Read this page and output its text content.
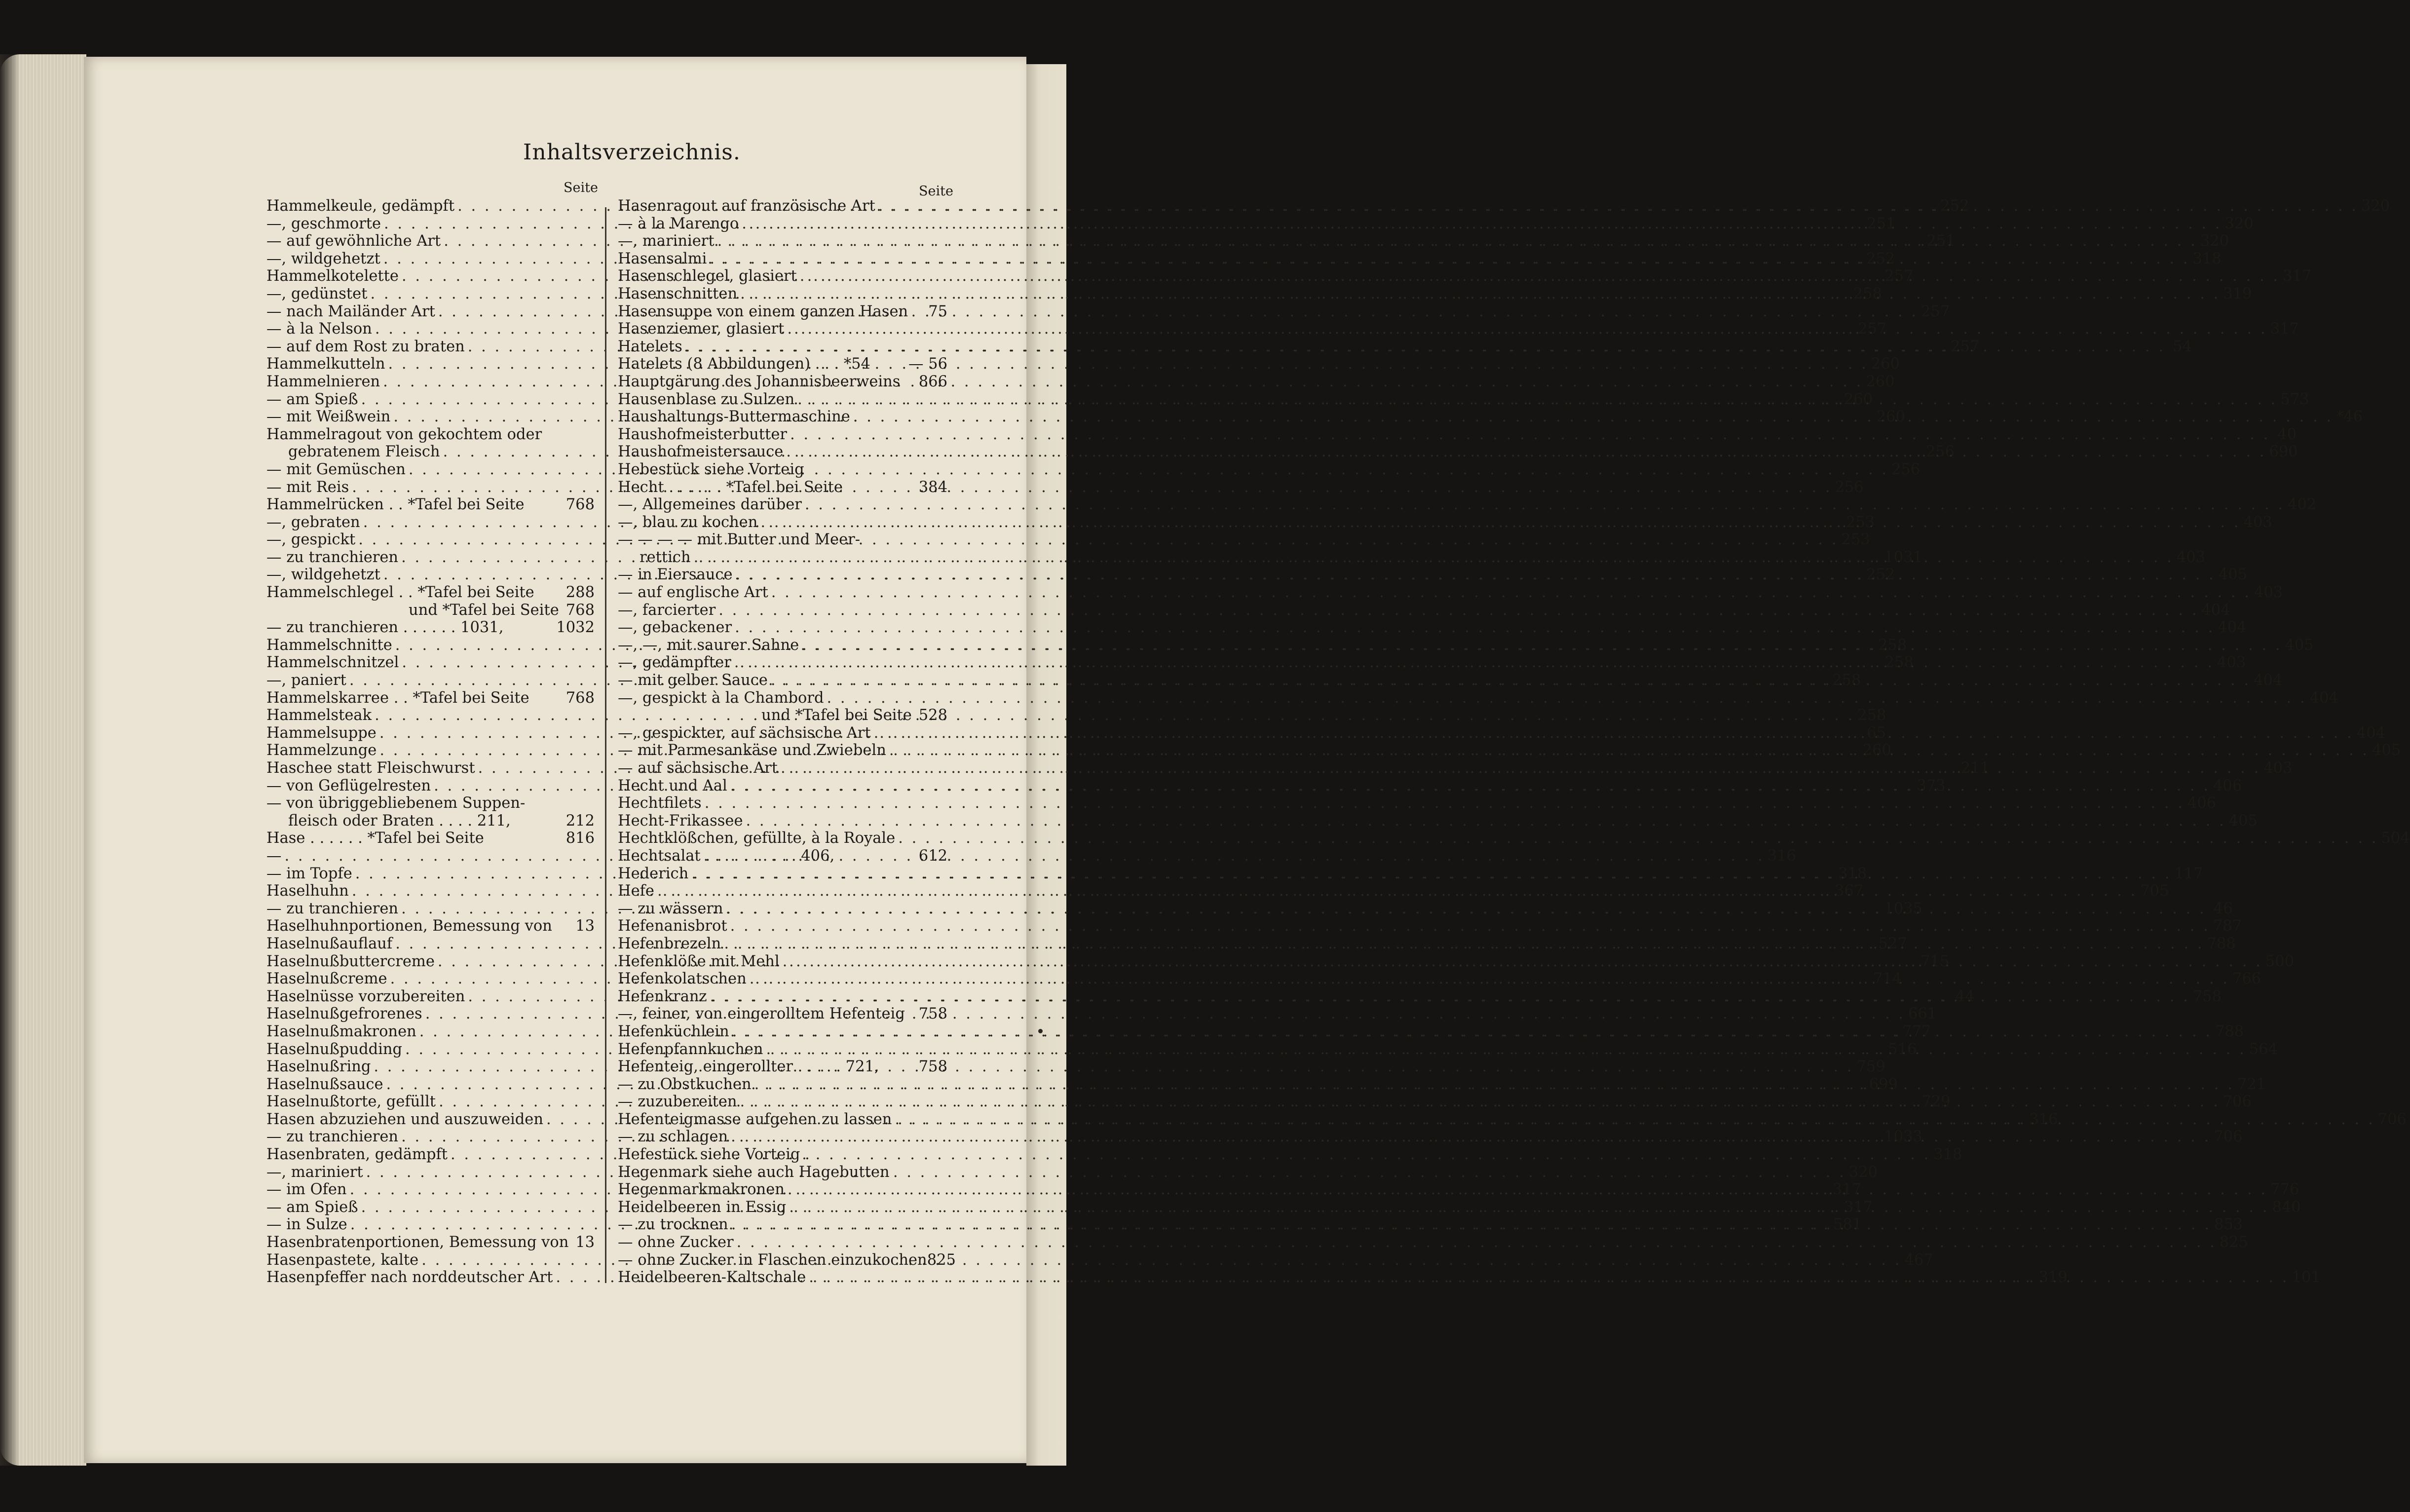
Inhaltsverzeichnis.
Seite	Seite
Hammelkeule, gedämpft . . .	252
—, geschmorte . . .	251
— auf gewöhnliche Art . . .	251
—, wildgehetzt . . .	252
Hammelkotelette . . .	257
—, gedünstet . . .	258
— nach Mailänder Art . . .	257
— à la Nelson . . .	257
— auf dem Rost zu braten . . .	257
Hammelkutteln . . .	260
Hammelnieren . . .	260
— am Spieß . . .	260
— mit Weißwein . . .	260
Hammelragout von gekochtem oder
gebratenem Fleisch . . .	256
— mit Gemüschen . . .	256
— mit Reis . . .	256
Hammelrücken . . *Tafel bei Seite	768
—, gebraten . . .	253
—, gespickt . . .	253
— zu tranchieren . . .	1031
—, wildgehetzt . . .	252
Hammelschlegel . . *Tafel bei Seite 288
und *Tafel bei Seite 768
— zu tranchieren . . . . . . 1031,	1032
Hammelschnitte . . .	258
Hammelschnitzel . . .	258
—, paniert . . .	258
Hammelskarree . . *Tafel bei Seite 768
Hammelsteak . . .	258
Hammelsuppe . . .	65
Hammelzunge . . .	260
Haschee statt Fleischwurst . . .	211
— von Geflügelresten . . .	373
— von übriggebliebenem Suppen-
fleisch oder Braten . . . . 211,	212
Hase . . . . . . *Tafel bei Seite	816
— . . .	316
— im Topfe . . .	318
Haselhuhn . . .	367
— zu tranchieren . . .	1035
Haselhuhnportionen, Bemessung von	13
Haselnußauflauf . . .	527
Haselnußbuttercreme . . .	715
Haselnußcreme . . .	714
Haselnüsse vorzubereiten . . .	44
Haselnußgefrorenes . . .	661
Haselnußmakronen . . .	777
Haselnußpudding . . .	516
Haselnußring . . .	759
Haselnußsauce . . .	699
Haselnußtorte, gefüllt . . .	729
Hasen abzuziehen und auszuweiden . . .	316
— zu tranchieren . . .	1033
Hasenbraten, gedämpft . . .	318
—, mariniert . . .	320
— im Ofen . . .	317
— am Spieß . . .	317
— in Sulze . . .	581
Hasenbratenportionen, Bemessung von 13
Hasenpastete, kalte . . .	467
Hasenpfeffer nach norddeutscher Art . . .	319
Hasenragout auf französische Art . . .	320
— à la Marengo . . .	320
—, mariniert . . .	320
Hasensalmi . . .	318
Hasenschlegel, glasiert . . .	317
Hasenschnitten . . .	319
Hasensuppe von einem ganzen Hasen	75
Hasenziemer, glasiert . . .	317
Hatelets . . .	54
Hatelets (8 Abbildungen) . . . *54	— 56
Hauptgärung des Johannisbeerweins 866
Hausenblase zu Sulzen . . .	573
Haushaltungs-Buttermaschine . . .	*46
Haushofmeisterbutter . . .	40
Haushofmeistersauce . . .	690
Hebestück siehe Vorteig
Hecht . . . . . . *Tafel bei Seite	384
—, Allgemeines darüber . . .	402
—, blau zu kochen . . .	403
— — — — mit Butter und Meer-
rettich . . .	403
— in Eiersauce . . .	405
— auf englische Art . . .	403
—, farcierter . . .	404
—, gebackener . . .	404
—, —, mit saurer Sahne . . .	405
—, gedämpfter . . .	403
— mit gelber Sauce . . .	404
—, gespickt à la Chambord . . .	404
und *Tafel bei Seite 528
—, gespickter, auf sächsische Art . . .	404
— mit Parmesankäse und Zwiebeln . . .	405
— auf sächsische Art . . .	403
Hecht und Aal . . .	406
Hechtfilets . . .	406
Hecht-Frikassee . . .	405
Hechtklößchen, gefüllte, à la Royale . . .	504
Hechtsalat . . . . . . . . . . 406,	612
Hederich . . .	117
Hefe . . .	705
— zu wässern . . .	46
Hefenanisbrot . . .	787
Hefenbrezeln . . .	788
Hefenklöße mit Mehl . . .	500
Hefenkolatschen . . .	766
Hefenkranz . . .	758
—, feiner, von eingerolltem Hefenteig 758
Hefenküchlein . . .	788
Hefenpfannkuchen . . .	564
Hefenteig, eingerollter . . . . . 721,	758
— zu Obstkuchen . . .	721
— zuzubereiten . . .	706
Hefenteigmasse aufgehen zu lassen . . .	706
— zu schlagen . . .	706
Hefestück siehe Vorteig .
Hegenmark siehe auch Hagebutten
Hegenmarkmakronen . . .	776
Heidelbeeren in Essig . . .	840
— zu trocknen . . .	853
— ohne Zucker . . .	825
— ohne Zucker in Flaschen einzukochen 825
Heidelbeeren-Kaltschale . . .	101
